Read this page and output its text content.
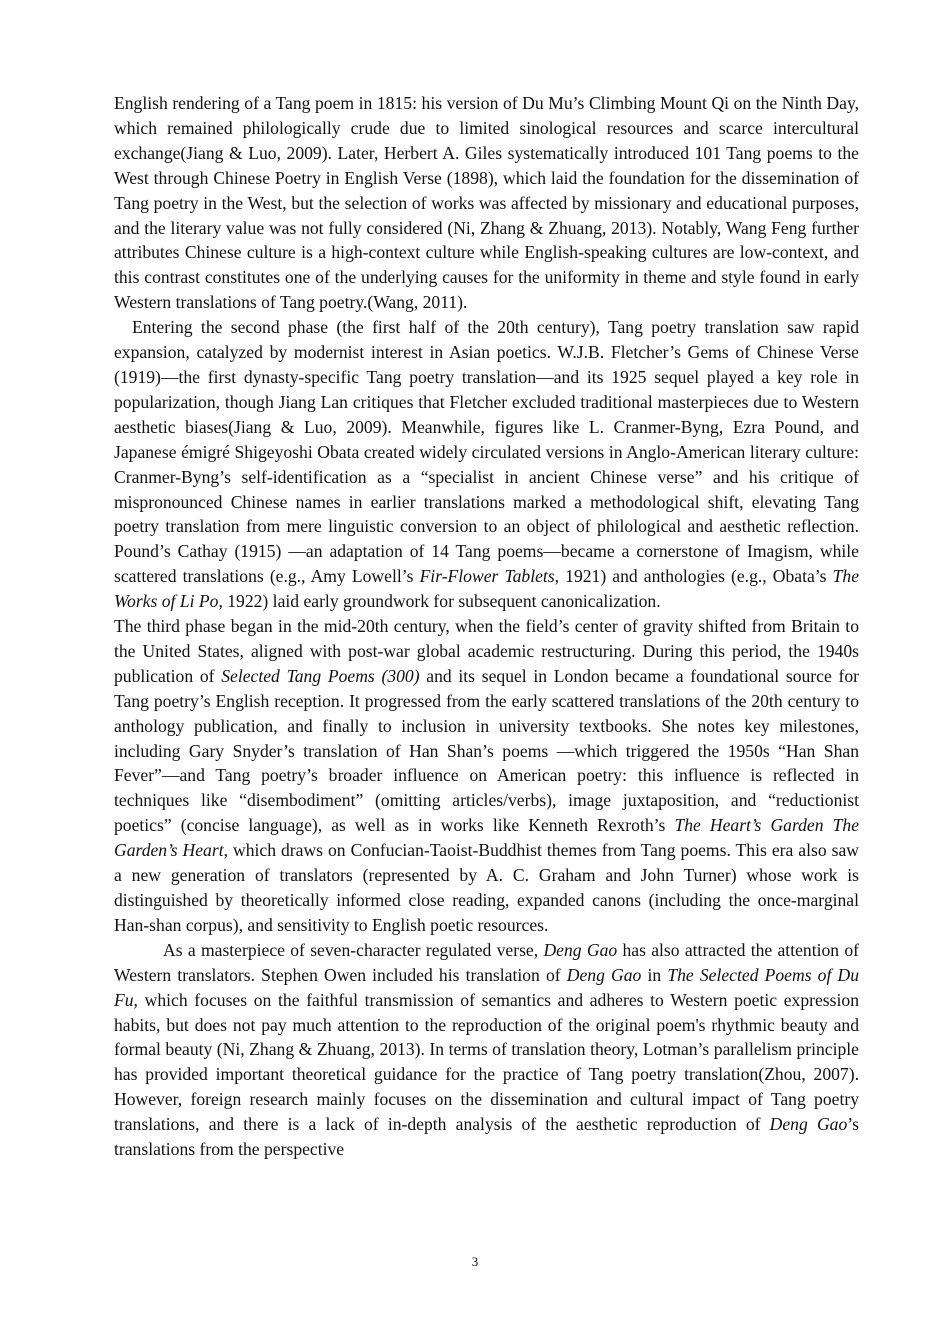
English rendering of a Tang poem in 1815: his version of Du Mu’s Climbing Mount Qi on the Ninth Day, which remained philologically crude due to limited sinological resources and scarce intercultural exchange(Jiang & Luo, 2009). Later, Herbert A. Giles systematically introduced 101 Tang poems to the West through Chinese Poetry in English Verse (1898), which laid the foundation for the dissemination of Tang poetry in the West, but the selection of works was affected by missionary and educational purposes, and the literary value was not fully considered (Ni, Zhang & Zhuang, 2013). Notably, Wang Feng further attributes Chinese culture is a high-context culture while English-speaking cultures are low-context, and this contrast constitutes one of the underlying causes for the uniformity in theme and style found in early Western translations of Tang poetry.(Wang, 2011).

Entering the second phase (the first half of the 20th century), Tang poetry translation saw rapid expansion, catalyzed by modernist interest in Asian poetics. W.J.B. Fletcher’s Gems of Chinese Verse (1919)—the first dynasty-specific Tang poetry translation—and its 1925 sequel played a key role in popularization, though Jiang Lan critiques that Fletcher excluded traditional masterpieces due to Western aesthetic biases(Jiang & Luo, 2009). Meanwhile, figures like L. Cranmer-Byng, Ezra Pound, and Japanese émigré Shigeyoshi Obata created widely circulated versions in Anglo-American literary culture: Cranmer-Byng’s self-identification as a “specialist in ancient Chinese verse” and his critique of mispronounced Chinese names in earlier translations marked a methodological shift, elevating Tang poetry translation from mere linguistic conversion to an object of philological and aesthetic reflection. Pound’s Cathay (1915) —an adaptation of 14 Tang poems—became a cornerstone of Imagism, while scattered translations (e.g., Amy Lowell’s Fir-Flower Tablets, 1921) and anthologies (e.g., Obata’s The Works of Li Po, 1922) laid early groundwork for subsequent canonicalization.

The third phase began in the mid-20th century, when the field’s center of gravity shifted from Britain to the United States, aligned with post-war global academic restructuring. During this period, the 1940s publication of Selected Tang Poems (300) and its sequel in London became a foundational source for Tang poetry’s English reception. It progressed from the early scattered translations of the 20th century to anthology publication, and finally to inclusion in university textbooks. She notes key milestones, including Gary Snyder’s translation of Han Shan’s poems —which triggered the 1950s “Han Shan Fever”—and Tang poetry’s broader influence on American poetry: this influence is reflected in techniques like “disembodiment” (omitting articles/verbs), image juxtaposition, and “reductionist poetics” (concise language), as well as in works like Kenneth Rexroth’s The Heart’s Garden The Garden’s Heart, which draws on Confucian-Taoist-Buddhist themes from Tang poems. This era also saw a new generation of translators (represented by A. C. Graham and John Turner) whose work is distinguished by theoretically informed close reading, expanded canons (including the once-marginal Han-shan corpus), and sensitivity to English poetic resources.

As a masterpiece of seven-character regulated verse, Deng Gao has also attracted the attention of Western translators. Stephen Owen included his translation of Deng Gao in The Selected Poems of Du Fu, which focuses on the faithful transmission of semantics and adheres to Western poetic expression habits, but does not pay much attention to the reproduction of the original poem's rhythmic beauty and formal beauty (Ni, Zhang & Zhuang, 2013). In terms of translation theory, Lotman’s parallelism principle has provided important theoretical guidance for the practice of Tang poetry translation(Zhou, 2007). However, foreign research mainly focuses on the dissemination and cultural impact of Tang poetry translations, and there is a lack of in-depth analysis of the aesthetic reproduction of Deng Gao’s translations from the perspective

3
